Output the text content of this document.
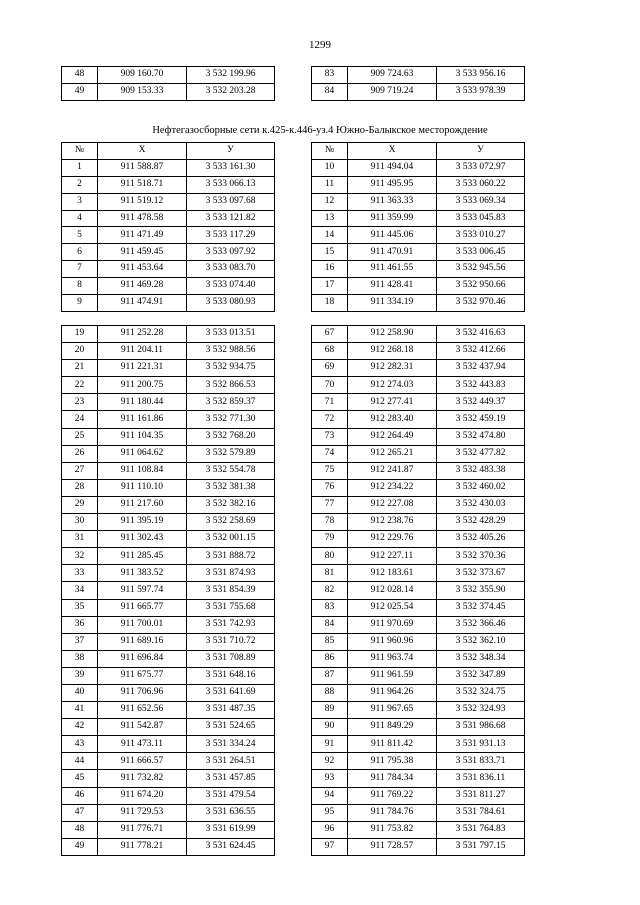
1299
48	909 160.70	3 532 199.96
49	909 153.33	3 532 203.28
83	909 724.63	3 533 956.16
84	909 719.24	3 533 978.39
Нефтегазосборные сети к.425-к.446-уз.4 Южно-Балыкское месторождение
№	X	У
1	911 588.87	3 533 161.30
2	911 518.71	3 533 066.13
3	911 519.12	3 533 097.68
4	911 478.58	3 533 121.82
5	911 471.49	3 533 117.29
6	911 459.45	3 533 097.92
7	911 453.64	3 533 083.70
8	911 469.28	3 533 074.40
9	911 474.91	3 533 080.93
№	X	У
10	911 494.04	3 533 072.97
11	911 495.95	3 533 060.22
12	911 363.33	3 533 069.34
13	911 359.99	3 533 045.83
14	911 445.06	3 533 010.27
15	911 470.91	3 533 006.45
16	911 461.55	3 532 945.56
17	911 428.41	3 532 950.66
18	911 334.19	3 532 970.46
19	911 252.28	3 533 013.51
20	911 204.11	3 532 988.56
21	911 221.31	3 532 934.75
22	911 200.75	3 532 866.53
23	911 180.44	3 532 859.37
24	911 161.86	3 532 771.30
25	911 104.35	3 532 768.20
26	911 064.62	3 532 579.89
27	911 108.84	3 532 554.78
28	911 110.10	3 532 381.38
29	911 217.60	3 532 382.16
30	911 395.19	3 532 258.69
31	911 302.43	3 532 001.15
32	911 285.45	3 531 888.72
33	911 383.52	3 531 874.93
34	911 597.74	3 531 854.39
35	911 665.77	3 531 755.68
36	911 700.01	3 531 742.93
37	911 689.16	3 531 710.72
38	911 696.84	3 531 708.89
39	911 675.77	3 531 648.16
40	911 706.96	3 531 641.69
41	911 652.56	3 531 487.35
42	911 542.87	3 531 524.65
43	911 473.11	3 531 334.24
44	911 666.57	3 531 264.51
45	911 732.82	3 531 457.85
46	911 674.20	3 531 479.54
47	911 729.53	3 531 636.55
48	911 776.71	3 531 619.99
49	911 778.21	3 531 624.45
67	912 258.90	3 532 416.63
68	912 268.18	3 532 412.66
69	912 282.31	3 532 437.94
70	912 274.03	3 532 443.83
71	912 277.41	3 532 449.37
72	912 283.40	3 532 459.19
73	912 264.49	3 532 474.80
74	912 265.21	3 532 477.82
75	912 241.87	3 532 483.38
76	912 234.22	3 532 460.02
77	912 227.08	3 532 430.03
78	912 238.76	3 532 428.29
79	912 229.76	3 532 405.26
80	912 227.11	3 532 370.36
81	912 183.61	3 532 373.67
82	912 028.14	3 532 355.90
83	912 025.54	3 532 374.45
84	911 970.69	3 532 366.46
85	911 960.96	3 532 362.10
86	911 963.74	3 532 348.34
87	911 961.59	3 532 347.89
88	911 964.26	3 532 324.75
89	911 967.65	3 532 324.93
90	911 849.29	3 531 986.68
91	911 811.42	3 531 931.13
92	911 795.38	3 531 833.71
93	911 784.34	3 531 836.11
94	911 769.22	3 531 811.27
95	911 784.76	3 531 784.61
96	911 753.82	3 531 764.83
97	911 728.57	3 531 797.15
